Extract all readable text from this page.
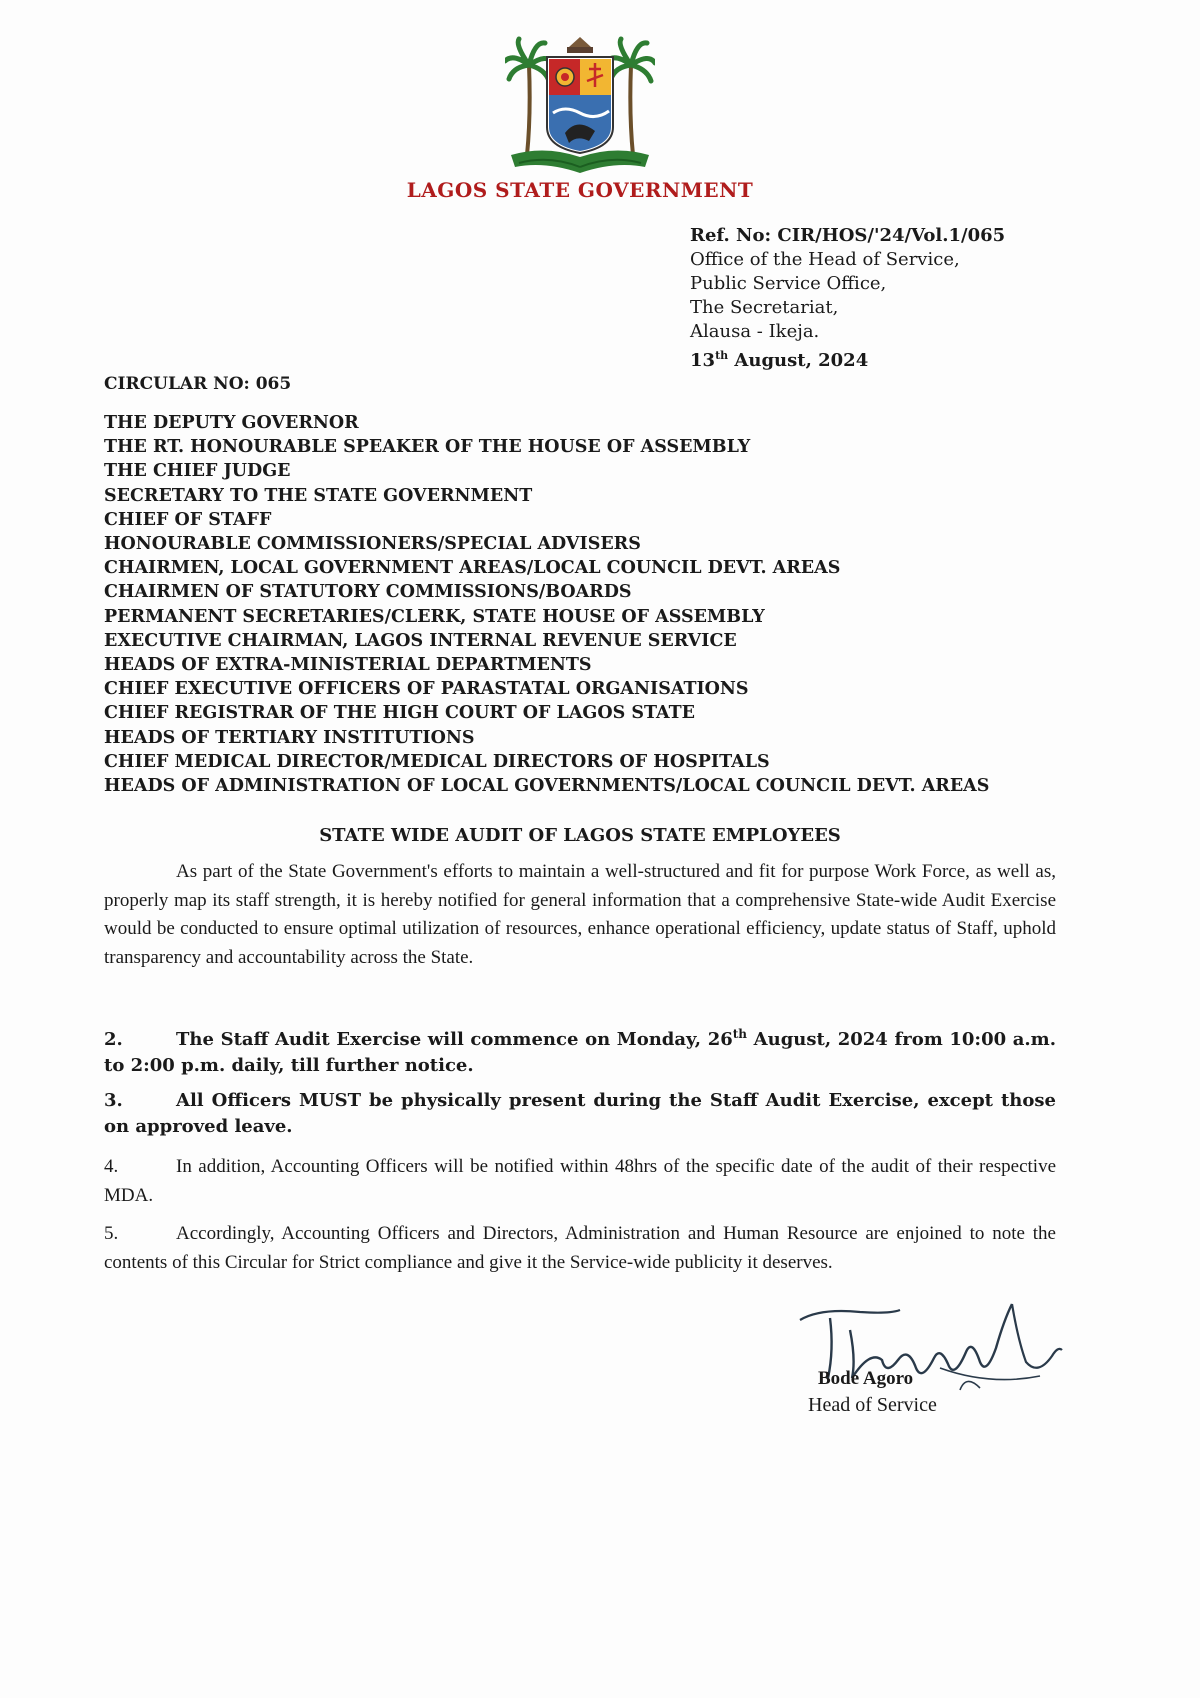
LAGOS STATE GOVERNMENT
Ref. No: CIR/HOS/'24/Vol.1/065
Office of the Head of Service,
Public Service Office,
The Secretariat,
Alausa - Ikeja.
13th August, 2024
CIRCULAR NO: 065
THE DEPUTY GOVERNOR
THE RT. HONOURABLE SPEAKER OF THE HOUSE OF ASSEMBLY
THE CHIEF JUDGE
SECRETARY TO THE STATE GOVERNMENT
CHIEF OF STAFF
HONOURABLE COMMISSIONERS/SPECIAL ADVISERS
CHAIRMEN, LOCAL GOVERNMENT AREAS/LOCAL COUNCIL DEVT. AREAS
CHAIRMEN OF STATUTORY COMMISSIONS/BOARDS
PERMANENT SECRETARIES/CLERK, STATE HOUSE OF ASSEMBLY
EXECUTIVE CHAIRMAN, LAGOS INTERNAL REVENUE SERVICE
HEADS OF EXTRA-MINISTERIAL DEPARTMENTS
CHIEF EXECUTIVE OFFICERS OF PARASTATAL ORGANISATIONS
CHIEF REGISTRAR OF THE HIGH COURT OF LAGOS STATE
HEADS OF TERTIARY INSTITUTIONS
CHIEF MEDICAL DIRECTOR/MEDICAL DIRECTORS OF HOSPITALS
HEADS OF ADMINISTRATION OF LOCAL GOVERNMENTS/LOCAL COUNCIL DEVT. AREAS
STATE WIDE AUDIT OF LAGOS STATE EMPLOYEES

As part of the State Government's efforts to maintain a well-structured and fit for purpose Work Force, as well as, properly map its staff strength, it is hereby notified for general information that a comprehensive State-wide Audit Exercise would be conducted to ensure optimal utilization of resources, enhance operational efficiency, update status of Staff, uphold transparency and accountability across the State.

2.	The Staff Audit Exercise will commence on Monday, 26th August, 2024 from 10:00 a.m. to 2:00 p.m. daily, till further notice.

3.	All Officers MUST be physically present during the Staff Audit Exercise, except those on approved leave.

4.	In addition, Accounting Officers will be notified within 48hrs of the specific date of the audit of their respective MDA.

5.	Accordingly, Accounting Officers and Directors, Administration and Human Resource are enjoined to note the contents of this Circular for Strict compliance and give it the Service-wide publicity it deserves.

Bode Agoro
Head of Service
